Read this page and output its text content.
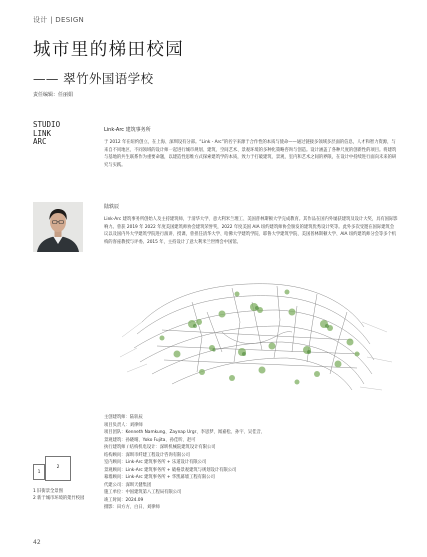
设计 | DESIGN
城市里的梯田校园
—— 翠竹外国语学校
责任编辑：任丽娟
STUDIO
LINK
ARC
Link-Arc 建筑事务所
于 2012 年在纽约创立，在上海、深圳设有分部。“Link - Arc”的名字来源于合作性的本质与使命——通过链接多领域多层面的信息，人才和智力资源，与来自不同地区、不同领域的设计师一起进行城市规划、建筑、空间艺术、景观环境的多种化策略咨询与创造。设计涵盖了各种尺度的创新性的项目。将建筑与基地的共生联系作为重要命题，以建造性思维方式探索建筑学的本质，致力于打破建筑、景观、室内和艺术之间的界限，在设计中持续进行面向未来的研究与实践。
陆轶辰
Link-Arc 建筑事务所创始人及主持建筑师，于清华大学、意大利米兰理工、美国普林斯顿大学完成教育。其作品在国内外屡获建筑及设计大奖，具有国际影响力。曾获 2019 年 2022 年度美国建筑师协会建筑荣誉奖，2022 年度美国 AIA 纽约建筑师协会颁发的建筑优秀设计奖等。此外多次受邀在国际建筑会议以及国内外大学建筑学院进行演讲、授课，曾担任清华大学、哈佛大学建筑学院、耶鲁大学建筑学院、美国普林斯顿大学、AIA 纽约建筑师分会等多个机构的客座教授与评委。2015 年，主持设计了意大利米兰世博会中国馆。
主创建筑师：陆轶辰
项目负责人：刘律师
项目团队：Kenneth Namkung、Zaynap Urgr、李思梦、闻嘉松、孙宇、吴佳音、
景观建筑：孙晓晴、Yoko Fujita、孙佳昕、赵可
执行建筑师 / 结构机电设计：深圳机械院建筑设计有限公司
结构顾问：深圳市纤建工程设计咨询有限公司
室内顾问：Link-Arc 建筑事务所 + 乐道设计有限公司
景观顾问：Link-Arc 建筑事务所 + 破格景观建筑与规划设计有限公司
幕墙顾问：Link-Arc 建筑事务所 + 华凯幕墙工程有限公司
代建公司：深圳天健集团
施工单位：中国建筑第八工程局有限公司
竣工时间：2024.09
摄影：田方方、白日、刘律师
1
2
1 旧街景全景图
2 新于城市环境的架竹校园
42
